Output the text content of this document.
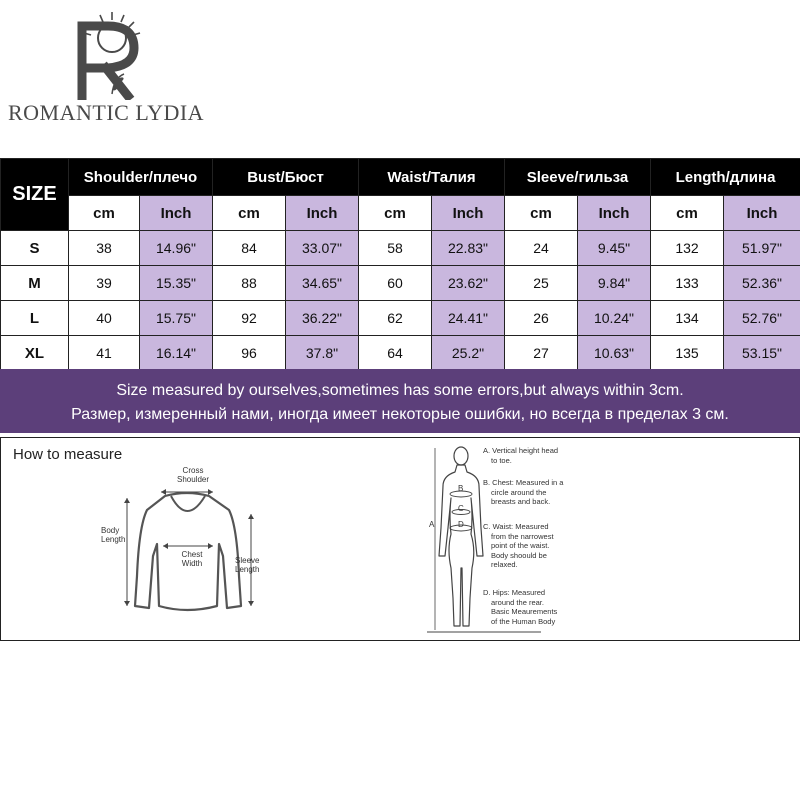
ROMANTIC LYDIA
SIZE	Shoulder/плечо		Bust/Бюст		Waist/Талия		Sleeve/гильза		Length/длина	
	cm	Inch	cm	Inch	cm	Inch	cm	Inch	cm	Inch
S	38	14.96"	84	33.07"	58	22.83"	24	9.45"	132	51.97"
M	39	15.35"	88	34.65"	60	23.62"	25	9.84"	133	52.36"
L	40	15.75"	92	36.22"	62	24.41"	26	10.24"	134	52.76"
XL	41	16.14"	96	37.8"	64	25.2"	27	10.63"	135	53.15"
Size measured by ourselves,sometimes has some errors,but always within 3cm.
Размер, измеренный нами, иногда имеет некоторые ошибки, но всегда в пределах 3 см.
How to measure
Cross
Shoulder
Body
Length
Chest
Width	Sleeve
Length
A
B
C
D
A. Vertical height head
to toe.
B. Chest: Measured in a
circle around the
breasts and back.
C. Waist: Measured
from the narrowest
point of the waist.
Body shoould be
relaxed.
D. Hips: Measured
around the rear.
Basic Meaurements
of the Human Body
